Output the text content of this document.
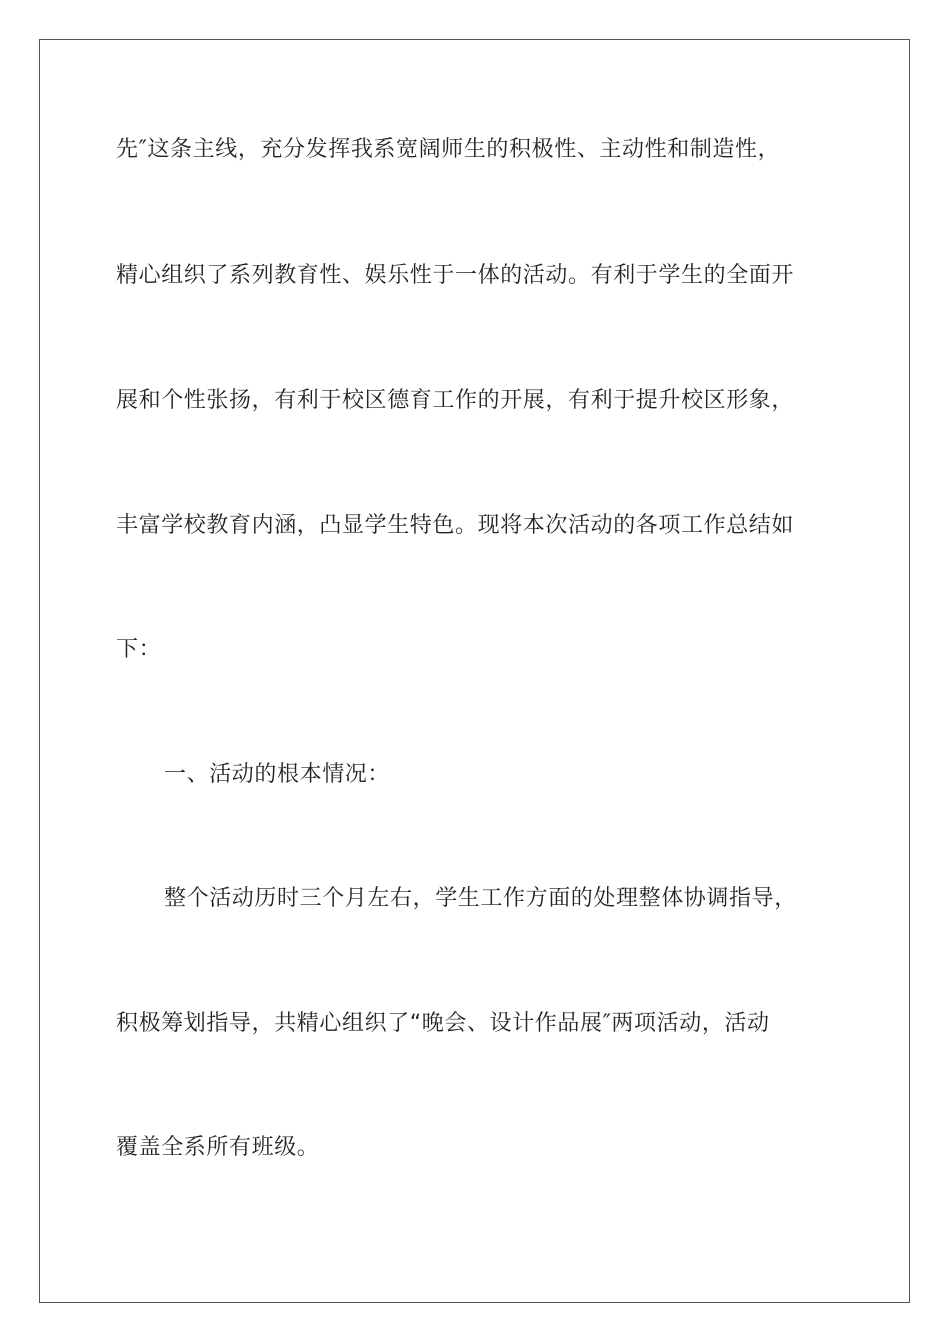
先″这条主线，充分发挥我系宽阔师生的积极性、主动性和制造性，
精心组织了系列教育性、娱乐性于一体的活动。有利于学生的全面开
展和个性张扬，有利于校区德育工作的开展，有利于提升校区形象，
丰富学校教育内涵，凸显学生特色。现将本次活动的各项工作总结如
下：
一、活动的根本情况：
整个活动历时三个月左右，学生工作方面的处理整体协调指导，
积极筹划指导，共精心组织了“晚会、设计作品展″两项活动，活动
覆盖全系所有班级。
